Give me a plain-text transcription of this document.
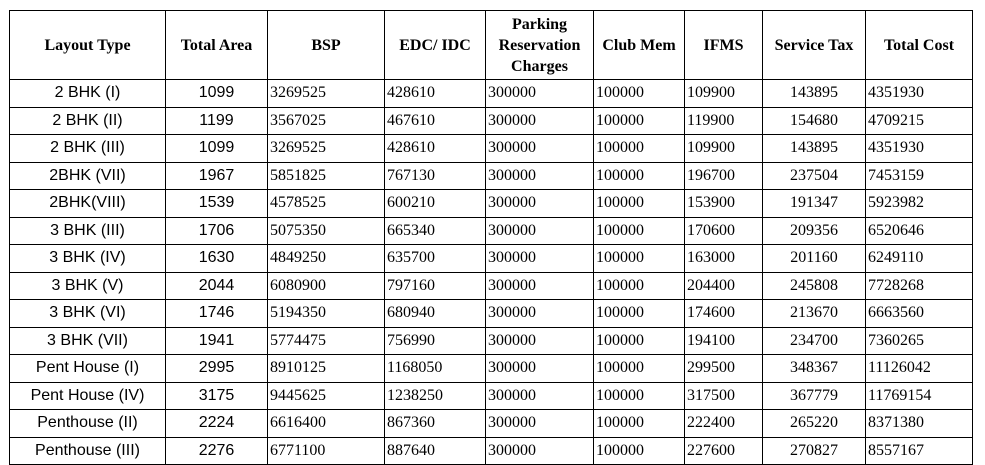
Layout Type	Total Area	BSP	EDC/ IDC	Parking Reservation Charges	Club Mem	IFMS	Service Tax	Total Cost
2 BHK (I)	1099	3269525	428610	300000	100000	109900	143895	4351930
2 BHK (II)	1199	3567025	467610	300000	100000	119900	154680	4709215
2 BHK (III)	1099	3269525	428610	300000	100000	109900	143895	4351930
2BHK (VII)	1967	5851825	767130	300000	100000	196700	237504	7453159
2BHK(VIII)	1539	4578525	600210	300000	100000	153900	191347	5923982
3 BHK (III)	1706	5075350	665340	300000	100000	170600	209356	6520646
3 BHK (IV)	1630	4849250	635700	300000	100000	163000	201160	6249110
3 BHK (V)	2044	6080900	797160	300000	100000	204400	245808	7728268
3 BHK (VI)	1746	5194350	680940	300000	100000	174600	213670	6663560
3 BHK (VII)	1941	5774475	756990	300000	100000	194100	234700	7360265
Pent House (I)	2995	8910125	1168050	300000	100000	299500	348367	11126042
Pent House (IV)	3175	9445625	1238250	300000	100000	317500	367779	11769154
Penthouse (II)	2224	6616400	867360	300000	100000	222400	265220	8371380
Penthouse (III)	2276	6771100	887640	300000	100000	227600	270827	8557167
